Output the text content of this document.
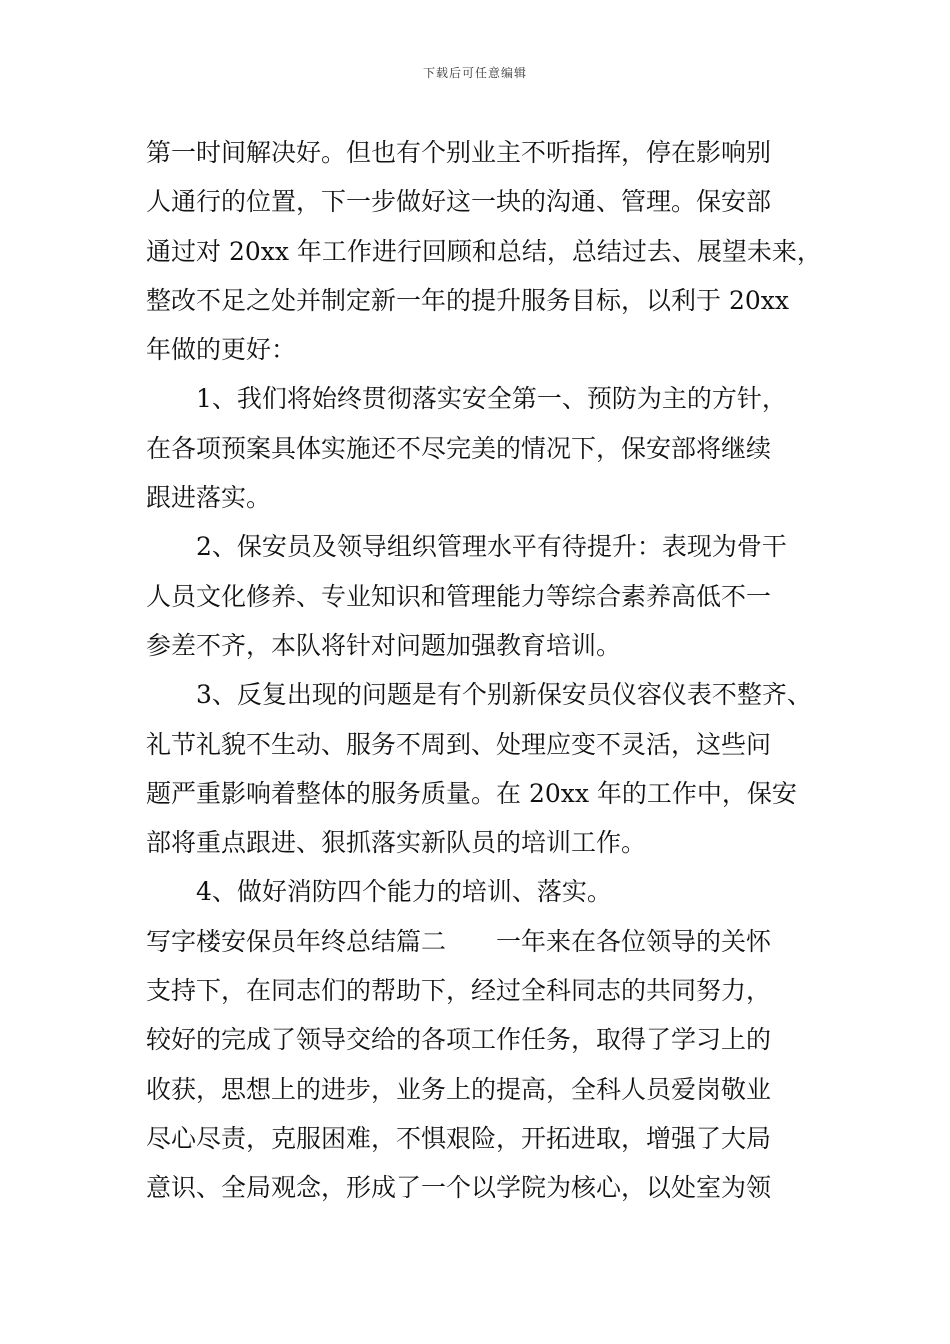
下载后可任意编辑
第一时间解决好。但也有个别业主不听指挥，停在影响别
人通行的位置，下一步做好这一块的沟通、管理。保安部
通过对 20xx 年工作进行回顾和总结，总结过去、展望未来，
整改不足之处并制定新一年的提升服务目标，以利于 20xx
年做的更好：
1、我们将始终贯彻落实安全第一、预防为主的方针，
在各项预案具体实施还不尽完美的情况下，保安部将继续
跟进落实。
2、保安员及领导组织管理水平有待提升：表现为骨干
人员文化修养、专业知识和管理能力等综合素养高低不一
参差不齐，本队将针对问题加强教育培训。
3、反复出现的问题是有个别新保安员仪容仪表不整齐、
礼节礼貌不生动、服务不周到、处理应变不灵活，这些问
题严重影响着整体的服务质量。在 20xx 年的工作中，保安
部将重点跟进、狠抓落实新队员的培训工作。
4、做好消防四个能力的培训、落实。
写字楼安保员年终总结篇二　　一年来在各位领导的关怀
支持下，在同志们的帮助下，经过全科同志的共同努力，
较好的完成了领导交给的各项工作任务，取得了学习上的
收获，思想上的进步，业务上的提高，全科人员爱岗敬业
尽心尽责，克服困难，不惧艰险，开拓进取，增强了大局
意识、全局观念，形成了一个以学院为核心，以处室为领
